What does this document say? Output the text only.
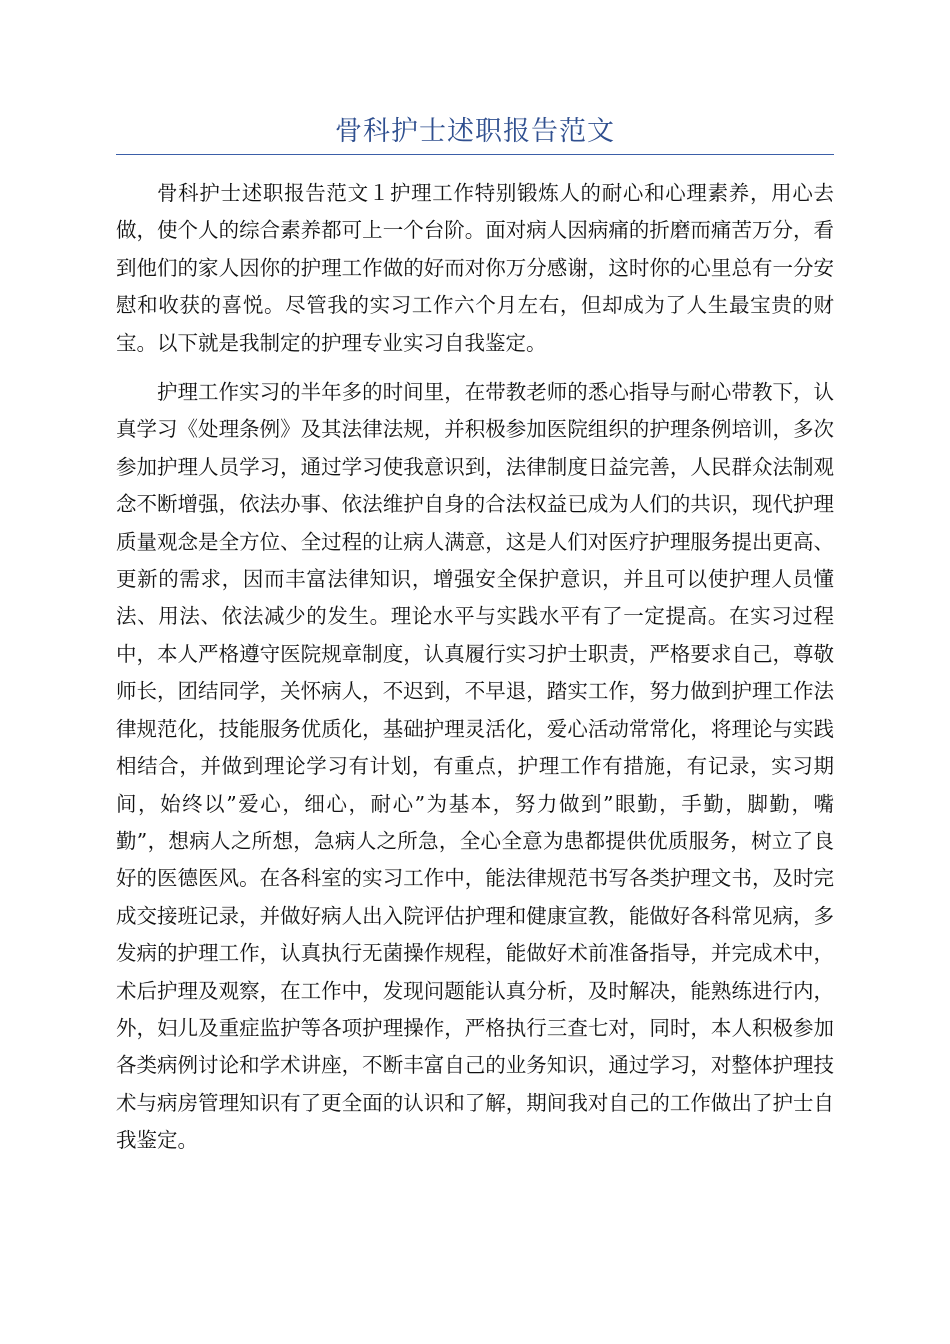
骨科护士述职报告范文

骨科护士述职报告范文１护理工作特别锻炼人的耐心和心理素养，用心去做，使个人的综合素养都可上一个台阶。面对病人因病痛的折磨而痛苦万分，看到他们的家人因你的护理工作做的好而对你万分感谢，这时你的心里总有一分安慰和收获的喜悦。尽管我的实习工作六个月左右，但却成为了人生最宝贵的财宝。以下就是我制定的护理专业实习自我鉴定。

护理工作实习的半年多的时间里，在带教老师的悉心指导与耐心带教下，认真学习《处理条例》及其法律法规，并积极参加医院组织的护理条例培训，多次参加护理人员学习，通过学习使我意识到，法律制度日益完善，人民群众法制观念不断增强，依法办事、依法维护自身的合法权益已成为人们的共识，现代护理质量观念是全方位、全过程的让病人满意，这是人们对医疗护理服务提出更高、更新的需求，因而丰富法律知识，增强安全保护意识，并且可以使护理人员懂法、用法、依法减少的发生。理论水平与实践水平有了一定提高。在实习过程中，本人严格遵守医院规章制度，认真履行实习护士职责，严格要求自己，尊敬师长，团结同学，关怀病人，不迟到，不早退，踏实工作，努力做到护理工作法律规范化，技能服务优质化，基础护理灵活化，爱心活动常常化，将理论与实践相结合，并做到理论学习有计划，有重点，护理工作有措施，有记录，实习期间，始终以”爱心，细心，耐心”为基本，努力做到”眼勤，手勤，脚勤，嘴勤”，想病人之所想，急病人之所急，全心全意为患都提供优质服务，树立了良好的医德医风。在各科室的实习工作中，能法律规范书写各类护理文书，及时完成交接班记录，并做好病人出入院评估护理和健康宣教，能做好各科常见病，多发病的护理工作，认真执行无菌操作规程，能做好术前准备指导，并完成术中，术后护理及观察，在工作中，发现问题能认真分析，及时解决，能熟练进行内，外，妇儿及重症监护等各项护理操作，严格执行三查七对，同时，本人积极参加各类病例讨论和学术讲座，不断丰富自己的业务知识，通过学习，对整体护理技术与病房管理知识有了更全面的认识和了解，期间我对自己的工作做出了护士自我鉴定。
